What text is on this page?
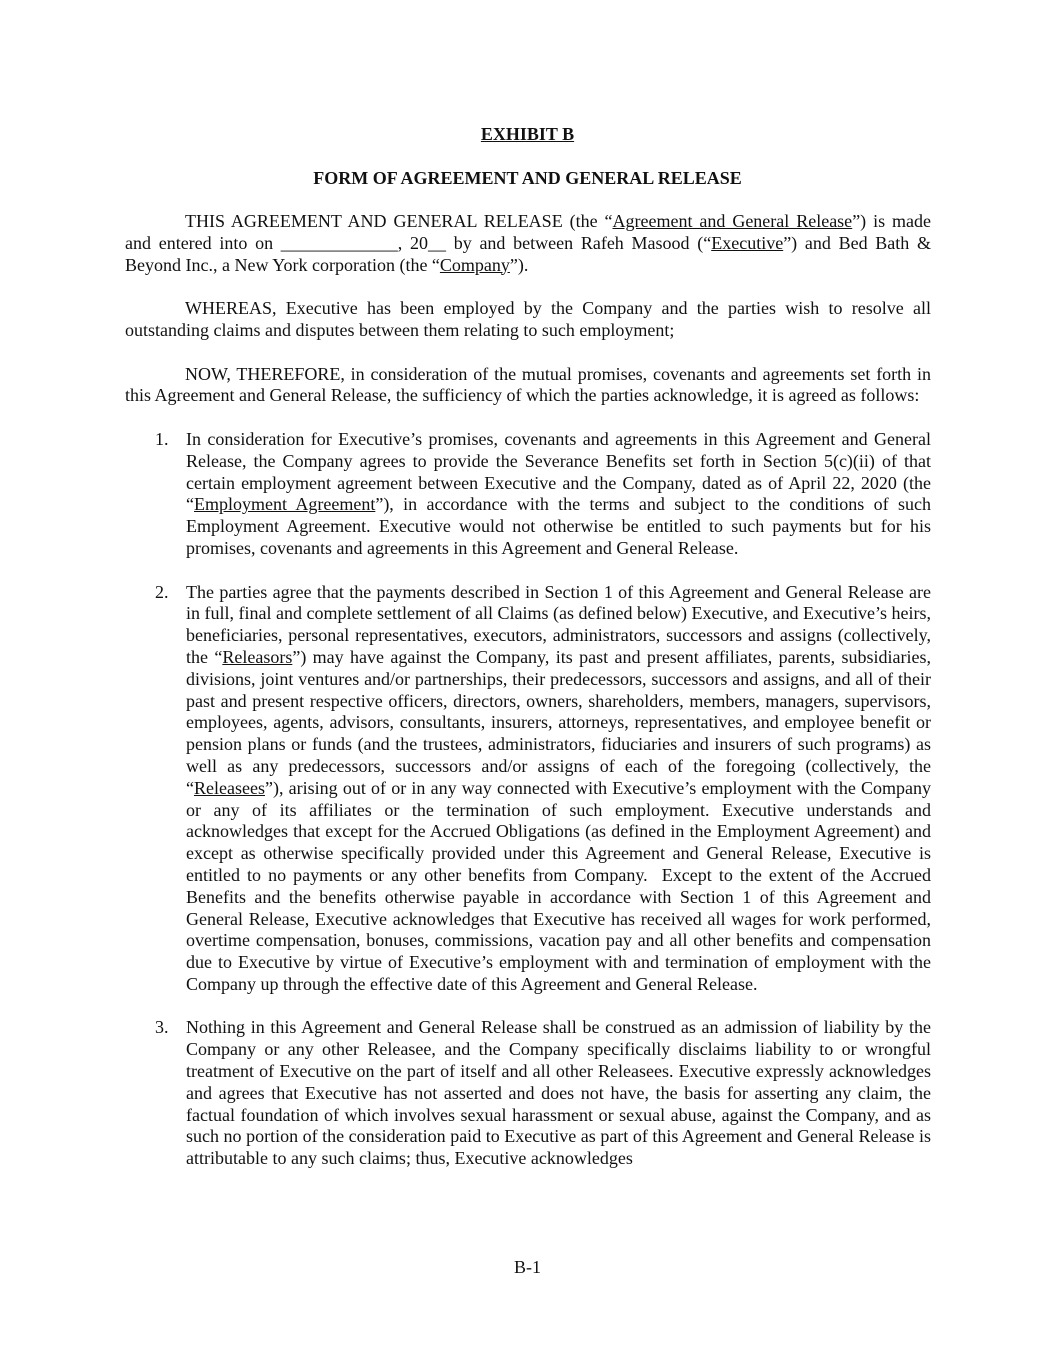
EXHIBIT B
FORM OF AGREEMENT AND GENERAL RELEASE

THIS AGREEMENT AND GENERAL RELEASE (the “Agreement and General Release”) is made and entered into on _____________, 20__ by and between Rafeh Masood (“Executive”) and Bed Bath & Beyond Inc., a New York corporation (the “Company”).

WHEREAS, Executive has been employed by the Company and the parties wish to resolve all outstanding claims and disputes between them relating to such employment;

NOW, THEREFORE, in consideration of the mutual promises, covenants and agreements set forth in this Agreement and General Release, the sufficiency of which the parties acknowledge, it is agreed as follows:

1. In consideration for Executive’s promises, covenants and agreements in this Agreement and General Release, the Company agrees to provide the Severance Benefits set forth in Section 5(c)(ii) of that certain employment agreement between Executive and the Company, dated as of April 22, 2020 (the “Employment Agreement”), in accordance with the terms and subject to the conditions of such Employment Agreement. Executive would not otherwise be entitled to such payments but for his promises, covenants and agreements in this Agreement and General Release.
2. The parties agree that the payments described in Section 1 of this Agreement and General Release are in full, final and complete settlement of all Claims (as defined below) Executive, and Executive’s heirs, beneficiaries, personal representatives, executors, administrators, successors and assigns (collectively, the “Releasors”) may have against the Company, its past and present affiliates, parents, subsidiaries, divisions, joint ventures and/or partnerships, their predecessors, successors and assigns, and all of their past and present respective officers, directors, owners, shareholders, members, managers, supervisors, employees, agents, advisors, consultants, insurers, attorneys, representatives, and employee benefit or pension plans or funds (and the trustees, administrators, fiduciaries and insurers of such programs) as well as any predecessors, successors and/or assigns of each of the foregoing (collectively, the “Releasees”), arising out of or in any way connected with Executive’s employment with the Company or any of its affiliates or the termination of such employment. Executive understands and acknowledges that except for the Accrued Obligations (as defined in the Employment Agreement) and except as otherwise specifically provided under this Agreement and General Release, Executive is entitled to no payments or any other benefits from Company.  Except to the extent of the Accrued Benefits and the benefits otherwise payable in accordance with Section 1 of this Agreement and General Release, Executive acknowledges that Executive has received all wages for work performed, overtime compensation, bonuses, commissions, vacation pay and all other benefits and compensation due to Executive by virtue of Executive’s employment with and termination of employment with the Company up through the effective date of this Agreement and General Release.
3. Nothing in this Agreement and General Release shall be construed as an admission of liability by the Company or any other Releasee, and the Company specifically disclaims liability to or wrongful treatment of Executive on the part of itself and all other Releasees. Executive expressly acknowledges and agrees that Executive has not asserted and does not have, the basis for asserting any claim, the factual foundation of which involves sexual harassment or sexual abuse, against the Company, and as such no portion of the consideration paid to Executive as part of this Agreement and General Release is attributable to any such claims; thus, Executive acknowledges
B-1
